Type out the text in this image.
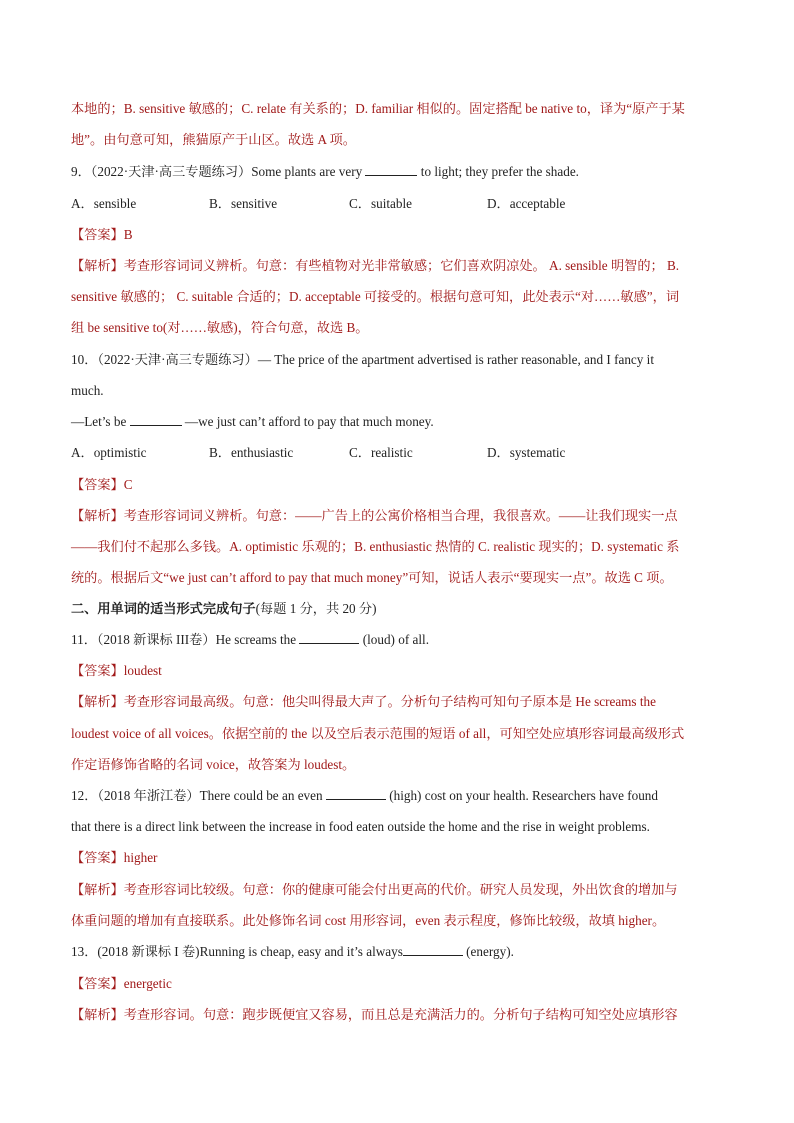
本地的；B. sensitive 敏感的；C. relate 有关系的；D. familiar 相似的。固定搭配 be native to，译为“原产于某
地”。由句意可知，熊猫原产于山区。故选 A 项。
9．（2022·天津·高三专题练习）Some plants are very	to light; they prefer the shade.
A．sensible	B．sensitive	C．suitable	D．acceptable
【答案】B
【解析】考查形容词词义辨析。句意：有些植物对光非常敏感；它们喜欢阴凉处。 A. sensible 明智的； B.
sensitive 敏感的； C. suitable 合适的；D. acceptable 可接受的。根据句意可知，此处表示“对……敏感”，词
组 be sensitive to(对……敏感)，符合句意，故选 B。
10．（2022·天津·高三专题练习）— The price of the apartment advertised is rather reasonable, and I fancy it
much.
—Let’s be	—we just can’t afford to pay that much money.
A．optimistic	B．enthusiastic	C．realistic	D．systematic
【答案】C
【解析】考查形容词词义辨析。句意：——广告上的公寓价格相当合理，我很喜欢。——让我们现实一点
——我们付不起那么多钱。A. optimistic 乐观的；B. enthusiastic 热情的 C. realistic 现实的；D. systematic 系
统的。根据后文“we just can’t afford to pay that much money”可知，说话人表示“要现实一点”。故选 C 项。
二、用单词的适当形式完成句子(每题 1 分，共 20 分)
11．（2018 新课标 III卷）He screams the	(loud) of all.
【答案】loudest
【解析】考查形容词最高级。句意：他尖叫得最大声了。分析句子结构可知句子原本是 He screams the
loudest voice of all voices。依据空前的 the 以及空后表示范围的短语 of all，可知空处应填形容词最高级形式
作定语修饰省略的名词 voice，故答案为 loudest。
12．（2018 年浙江卷）There could be an even	(high) cost on your health. Researchers have found
that there is a direct link between the increase in food eaten outside the home and the rise in weight problems.
【答案】higher
【解析】考查形容词比较级。句意：你的健康可能会付出更高的代价。研究人员发现，外出饮食的增加与
体重问题的增加有直接联系。此处修饰名词 cost 用形容词，even 表示程度，修饰比较级，故填 higher。
13．(2018 新课标 I 卷)Running is cheap, easy and it’s always	(energy).
【答案】energetic
【解析】考查形容词。句意：跑步既便宜又容易，而且总是充满活力的。分析句子结构可知空处应填形容
